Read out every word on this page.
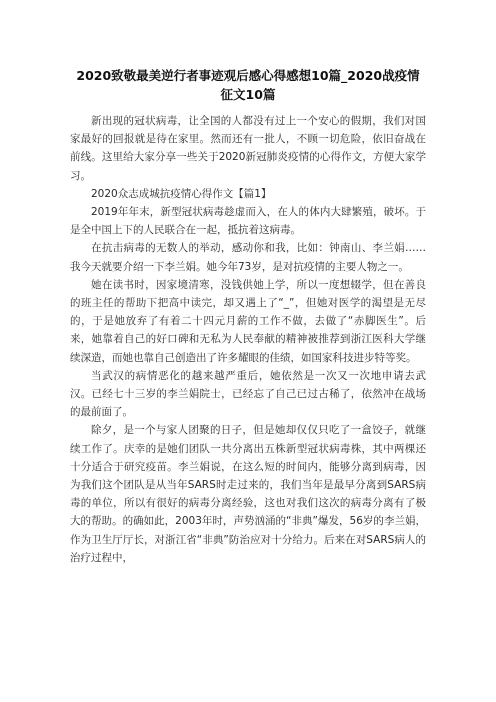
2020致敬最美逆行者事迹观后感心得感想10篇_2020战疫情
征文10篇

新出现的冠状病毒，让全国的人都没有过上一个安心的假期，我们对国家最好的回报就是待在家里。然而还有一批人，不顾一切危险，依旧奋战在前线。这里给大家分享一些关于2020新冠肺炎疫情的心得作文，方便大家学习。

2020众志成城抗疫情心得作文【篇1】

2019年年末，新型冠状病毒趁虚而入，在人的体内大肆繁殖，破坏。于是全中国上下的人民联合在一起，抵抗着这病毒。

在抗击病毒的无数人的举动，感动你和我，比如：钟南山、李兰娟……我今天就要介绍一下李兰娟。她今年73岁，是对抗疫情的主要人物之一。

她在读书时，因家境清寒，没钱供她上学，所以一度想辍学，但在善良的班主任的帮助下把高中读完，却又遇上了“_”，但她对医学的渴望是无尽的，于是她放弃了有着二十四元月薪的工作不做，去做了“赤脚医生”。后来，她靠着自己的好口碑和无私为人民奉献的精神被推荐到浙江医科大学继续深造，而她也靠自己创造出了许多耀眼的佳绩，如国家科技进步特等奖。

当武汉的病情恶化的越来越严重后，她依然是一次又一次地申请去武汉。已经七十三岁的李兰娟院士，已经忘了自己已过古稀了，依然冲在战场的最前面了。

除夕，是一个与家人团聚的日子，但是她却仅仅只吃了一盒饺子，就继续工作了。庆幸的是她们团队一共分离出五株新型冠状病毒株，其中两棵还十分适合于研究疫苗。李兰娟说，在这么短的时间内，能够分离到病毒，因为我们这个团队是从当年SARS时走过来的，我们当年是最早分离到SARS病毒的单位，所以有很好的病毒分离经验，这也对我们这次的病毒分离有了极大的帮助。的确如此，2003年时，声势汹涌的“非典”爆发，56岁的李兰娟，作为卫生厅厅长，对浙江省“非典”防治应对十分给力。后来在对SARS病人的治疗过程中，
